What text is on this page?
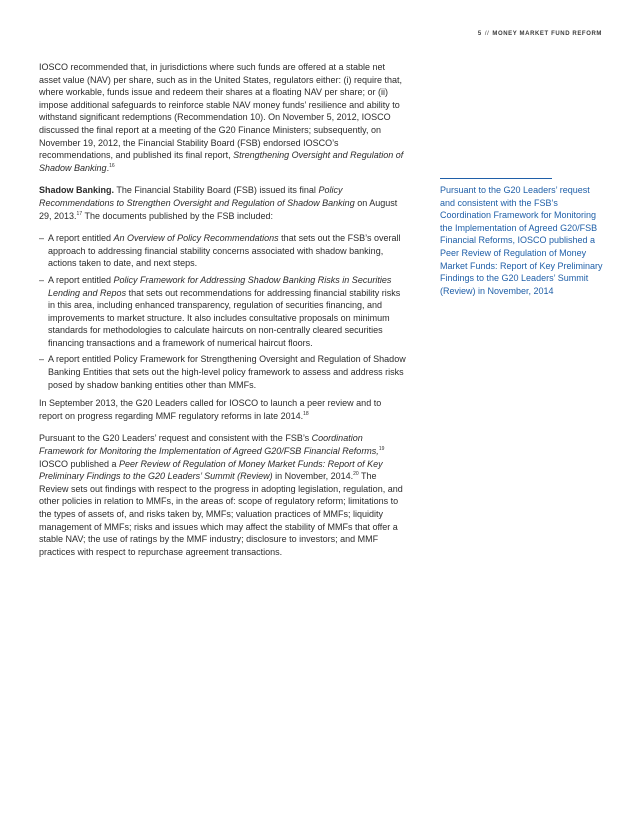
5 // MONEY MARKET FUND REFORM

IOSCO recommended that, in jurisdictions where such funds are offered at a stable net asset value (NAV) per share, such as in the United States, regulators either: (i) require that, where workable, funds issue and redeem their shares at a floating NAV per share; or (ii) impose additional safeguards to reinforce stable NAV money funds’ resilience and ability to withstand significant redemptions (Recommendation 10). On November 5, 2012, IOSCO discussed the final report at a meeting of the G20 Finance Ministers; subsequently, on November 19, 2012, the Financial Stability Board (FSB) endorsed IOSCO’s recommendations, and published its final report, Strengthening Oversight and Regulation of Shadow Banking.$^{16}$

Shadow Banking. The Financial Stability Board (FSB) issued its final Policy Recommendations to Strengthen Oversight and Regulation of Shadow Banking on August 29, 2013.17 The documents published by the FSB included:

– A report entitled An Overview of Policy Recommendations that sets out the FSB’s overall approach to addressing financial stability concerns associated with shadow banking, actions taken to date, and next steps.
– A report entitled Policy Framework for Addressing Shadow Banking Risks in Securities Lending and Repos that sets out recommendations for addressing financial stability risks in this area, including enhanced transparency, regulation of securities financing, and improvements to market structure. It also includes consultative proposals on minimum standards for methodologies to calculate haircuts on non-centrally cleared securities financing transactions and a framework of numerical haircut floors.
– A report entitled Policy Framework for Strengthening Oversight and Regulation of Shadow Banking Entities that sets out the high-level policy framework to assess and address risks posed by shadow banking entities other than MMFs.

In September 2013, the G20 Leaders called for IOSCO to launch a peer review and to report on progress regarding MMF regulatory reforms in late 2014.18

Pursuant to the G20 Leaders’ request and consistent with the FSB’s Coordination Framework for Monitoring the Implementation of Agreed G20/FSB Financial Reforms,$^{19}$ IOSCO published a Peer Review of Regulation of Money Market Funds: Report of Key Preliminary Findings to the G20 Leaders’ Summit (Review) in November, 2014.20 The Review sets out findings with respect to the progress in adopting legislation, regulation, and other policies in relation to MMFs, in the areas of: scope of regulatory reform; limitations to the types of assets of, and risks taken by, MMFs; valuation practices of MMFs; liquidity management of MMFs; risks and issues which may affect the stability of MMFs that offer a stable NAV; the use of ratings by the MMF industry; disclosure to investors; and MMF practices with respect to repurchase agreement transactions.

Pursuant to the G20 Leaders’ request and consistent with the FSB’s Coordination Framework for Monitoring the Implementation of Agreed G20/FSB Financial Reforms, IOSCO published a Peer Review of Regulation of Money Market Funds: Report of Key Preliminary Findings to the G20 Leaders’ Summit (Review) in November, 2014
